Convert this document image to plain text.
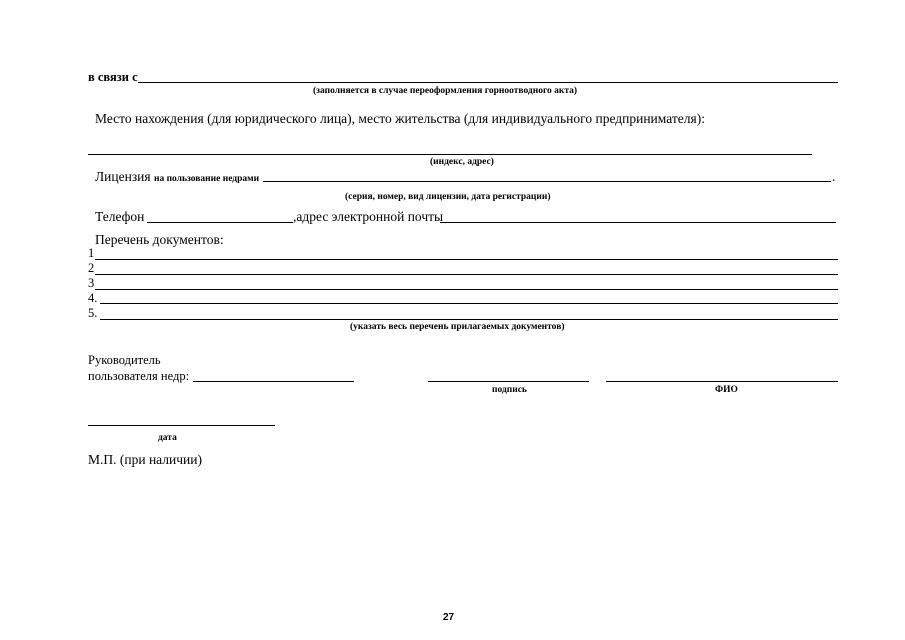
в связи с
(заполняется в случае переоформления горноотводного акта)
Место нахождения (для юридического лица), место жительства (для индивидуального предпринимателя):
(индекс, адрес)
Лицензия на пользование недрами	.
(серия, номер, вид лицензии, дата регистрации)
Телефон	,адрес электронной почты
Перечень документов:
1
2
3
4.
5.
(указать весь перечень прилагаемых документов)
Руководитель
пользователя недр:
подпись	ФИО
дата
М.П. (при наличии)
27
